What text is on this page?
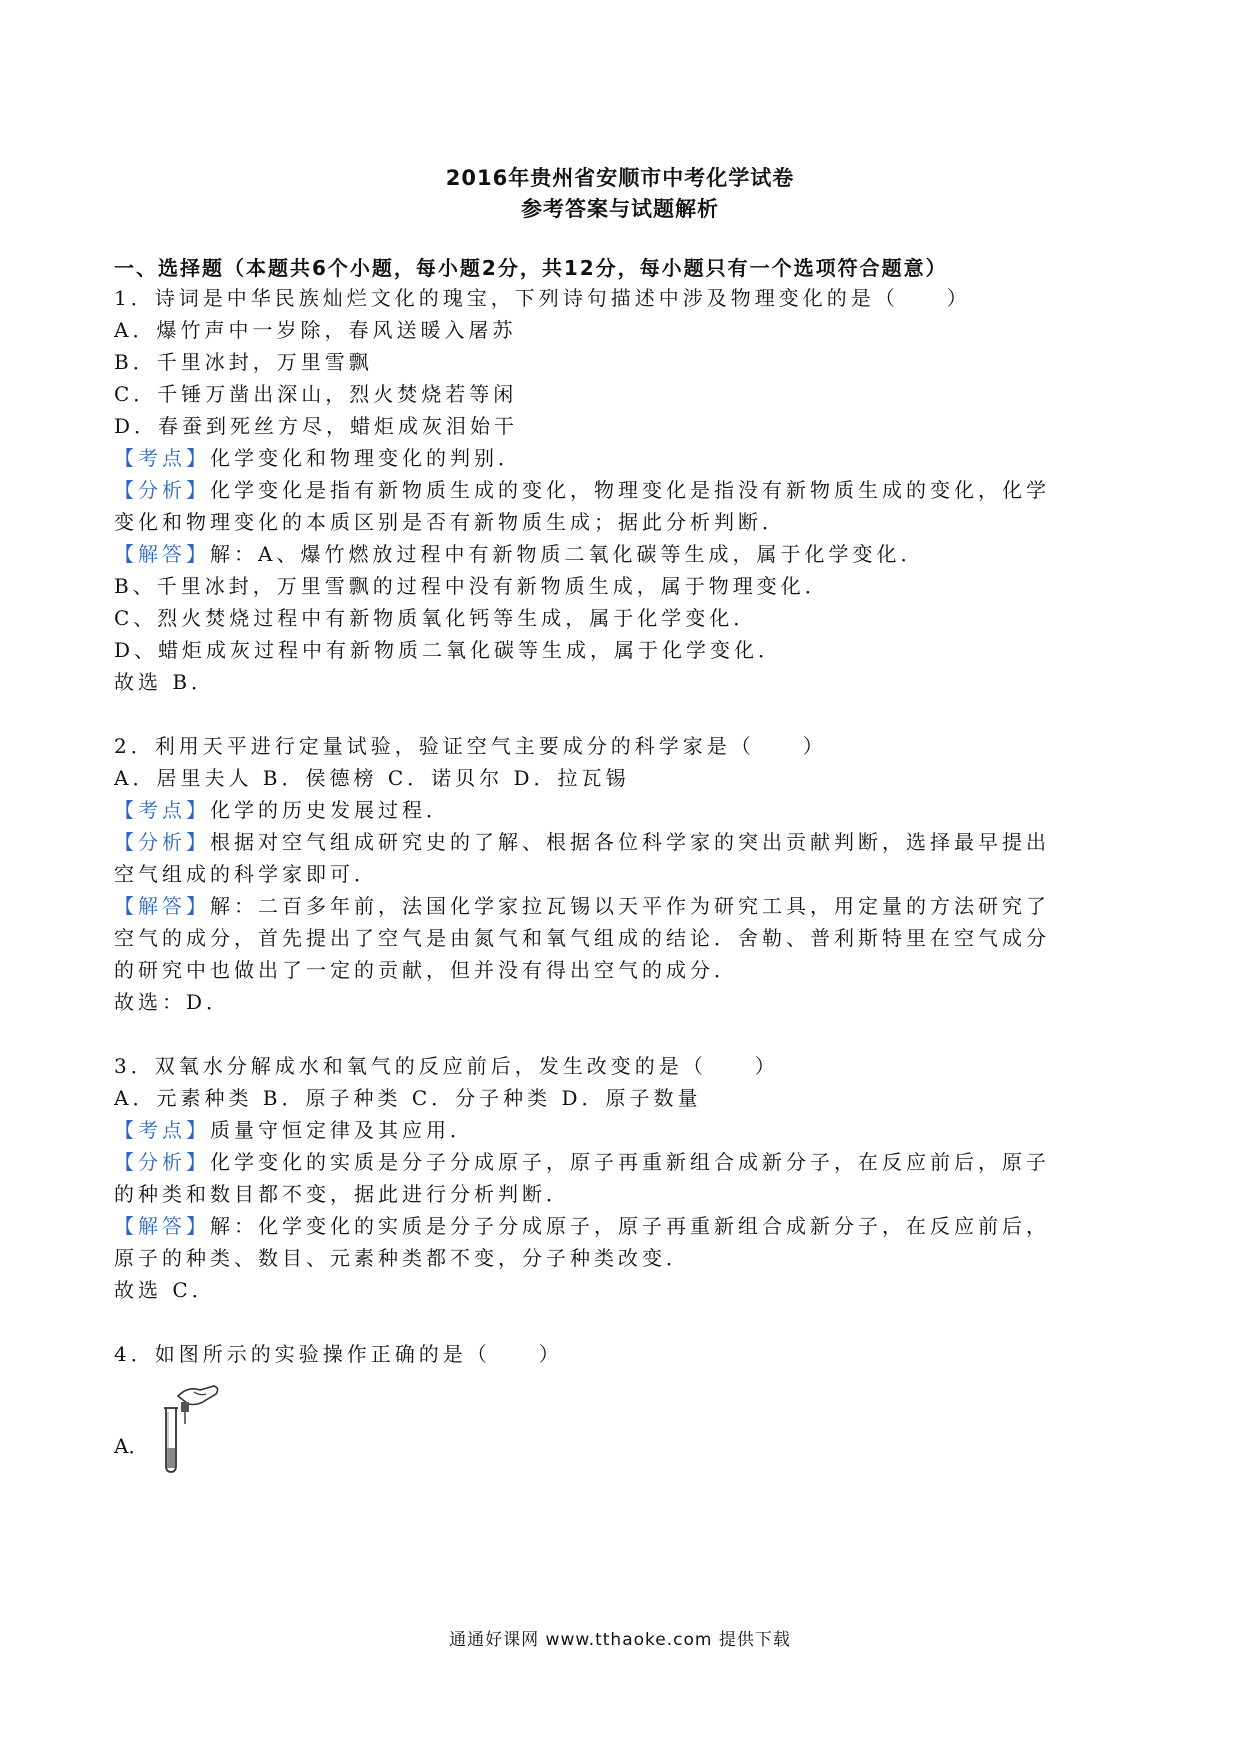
2016年贵州省安顺市中考化学试卷
参考答案与试题解析
一、选择题（本题共6个小题，每小题2分，共12分，每小题只有一个选项符合题意）
1．诗词是中华民族灿烂文化的瑰宝，下列诗句描述中涉及物理变化的是（　　）
A．爆竹声中一岁除，春风送暖入屠苏
B．千里冰封，万里雪飘
C．千锤万凿出深山，烈火焚烧若等闲
D．春蚕到死丝方尽，蜡炬成灰泪始干
【考点】化学变化和物理变化的判别．
【分析】化学变化是指有新物质生成的变化，物理变化是指没有新物质生成的变化，化学
变化和物理变化的本质区别是否有新物质生成；据此分析判断．
【解答】解：A、爆竹燃放过程中有新物质二氧化碳等生成，属于化学变化．
B、千里冰封，万里雪飘的过程中没有新物质生成，属于物理变化．
C、烈火焚烧过程中有新物质氧化钙等生成，属于化学变化．
D、蜡炬成灰过程中有新物质二氧化碳等生成，属于化学变化．
故选 B．
2．利用天平进行定量试验，验证空气主要成分的科学家是（　　）
A．居里夫人 B．侯德榜 C．诺贝尔 D．拉瓦锡
【考点】化学的历史发展过程．
【分析】根据对空气组成研究史的了解、根据各位科学家的突出贡献判断，选择最早提出
空气组成的科学家即可．
【解答】解：二百多年前，法国化学家拉瓦锡以天平作为研究工具，用定量的方法研究了
空气的成分，首先提出了空气是由氮气和氧气组成的结论．舍勒、普利斯特里在空气成分
的研究中也做出了一定的贡献，但并没有得出空气的成分．
故选：D．
3．双氧水分解成水和氧气的反应前后，发生改变的是（　　）
A．元素种类 B．原子种类 C．分子种类 D．原子数量
【考点】质量守恒定律及其应用．
【分析】化学变化的实质是分子分成原子，原子再重新组合成新分子，在反应前后，原子
的种类和数目都不变，据此进行分析判断．
【解答】解：化学变化的实质是分子分成原子，原子再重新组合成新分子，在反应前后，
原子的种类、数目、元素种类都不变，分子种类改变．
故选 C．
4．如图所示的实验操作正确的是（　　）
A．
通通好课网 www.tthaoke.com 提供下载
